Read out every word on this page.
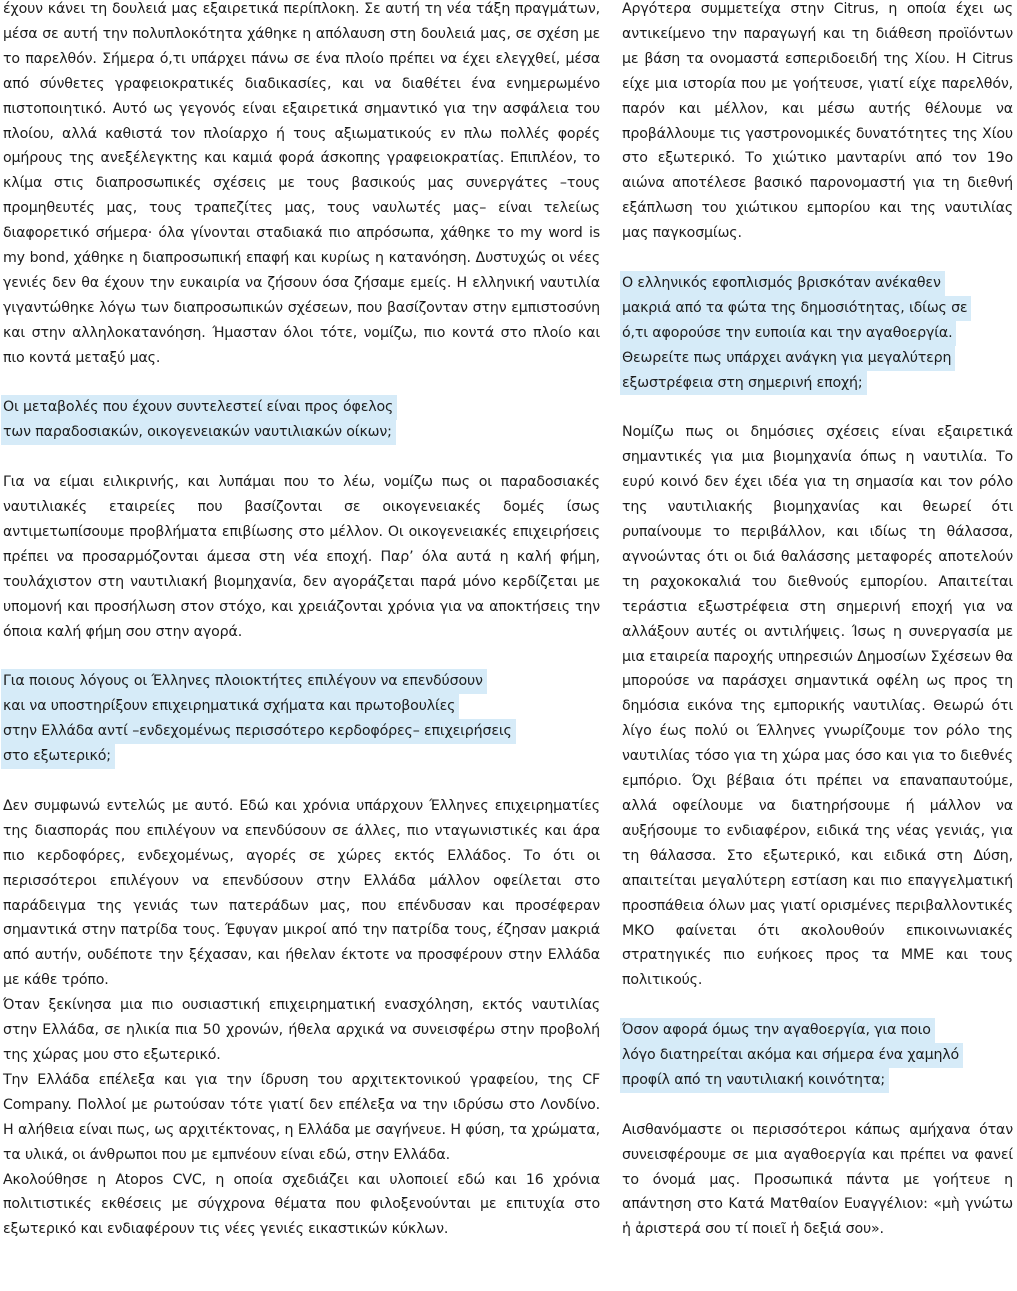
έχουν κάνει τη δουλειά μας εξαιρετικά περίπλοκη. Σε αυτή τη νέα τάξη πραγμάτων, μέσα σε αυτή την πολυπλοκότητα χάθηκε η απόλαυση στη δουλειά μας, σε σχέση με το παρελθόν. Σήμερα ό,τι υπάρχει πάνω σε ένα πλοίο πρέπει να έχει ελεγχθεί, μέσα από σύνθετες γραφειοκρατικές διαδικασίες, και να διαθέτει ένα ενημερωμένο πιστοποιητικό. Αυτό ως γεγονός είναι εξαιρετικά σημαντικό για την ασφάλεια του πλοίου, αλλά καθιστά τον πλοίαρχο ή τους αξιωματικούς εν πλω πολλές φορές ομήρους της ανεξέλεγκτης και καμιά φορά άσκοπης γραφειοκρατίας. Επιπλέον, το κλίμα στις διαπροσωπικές σχέσεις με τους βασικούς μας συνεργάτες –τους προμηθευτές μας, τους τραπεζίτες μας, τους ναυλωτές μας– είναι τελείως διαφορετικό σήμερα· όλα γίνονται σταδιακά πιο απρόσωπα, χάθηκε το my word is my bond, χάθηκε η διαπροσωπική επαφή και κυρίως η κατανόηση. Δυστυχώς οι νέες γενιές δεν θα έχουν την ευκαιρία να ζήσουν όσα ζήσαμε εμείς. Η ελληνική ναυτιλία γιγαντώθηκε λόγω των διαπροσωπικών σχέσεων, που βασίζονταν στην εμπιστοσύνη και στην αλληλοκατανόηση. Ήμασταν όλοι τότε, νομίζω, πιο κοντά στο πλοίο και πιο κοντά μεταξύ μας.

Οι μεταβολές που έχουν συντελεστεί είναι προς όφελος
των παραδοσιακών, οικογενειακών ναυτιλιακών οίκων;

Για να είμαι ειλικρινής, και λυπάμαι που το λέω, νομίζω πως οι παραδοσιακές ναυτιλιακές εταιρείες που βασίζονται σε οικογενειακές δομές ίσως αντιμετωπίσουμε προβλήματα επιβίωσης στο μέλλον. Οι οικογενειακές επιχειρήσεις πρέπει να προσαρμόζονται άμεσα στη νέα εποχή. Παρ’ όλα αυτά η καλή φήμη, τουλάχιστον στη ναυτιλιακή βιομηχανία, δεν αγοράζεται παρά μόνο κερδίζεται με υπομονή και προσήλωση στον στόχο, και χρειάζονται χρόνια για να αποκτήσεις την όποια καλή φήμη σου στην αγορά.

Για ποιους λόγους οι Έλληνες πλοιοκτήτες επιλέγουν να επενδύσουν
και να υποστηρίξουν επιχειρηματικά σχήματα και πρωτοβουλίες
στην Ελλάδα αντί –ενδεχομένως περισσότερο κερδοφόρες– επιχειρήσεις
στο εξωτερικό;

Δεν συμφωνώ εντελώς με αυτό. Εδώ και χρόνια υπάρχουν Έλληνες επιχειρηματίες της διασποράς που επιλέγουν να επενδύσουν σε άλλες, πιο νταγωνιστικές και άρα πιο κερδοφόρες, ενδεχομένως, αγορές σε χώρες εκτός Ελλάδος. Το ότι οι περισσότεροι επιλέγουν να επενδύσουν στην Ελλάδα μάλλον οφείλεται στο παράδειγμα της γενιάς των πατεράδων μας, που επένδυσαν και προσέφεραν σημαντικά στην πατρίδα τους. Έφυγαν μικροί από την πατρίδα τους, έζησαν μακριά από αυτήν, ουδέποτε την ξέχασαν, και ήθελαν έκτοτε να προσφέρουν στην Ελλάδα με κάθε τρόπο.

Όταν ξεκίνησα μια πιο ουσιαστική επιχειρηματική ενασχόληση, εκτός ναυτιλίας στην Ελλάδα, σε ηλικία πια 50 χρονών, ήθελα αρχικά να συνεισφέρω στην προβολή της χώρας μου στο εξωτερικό.

Την Ελλάδα επέλεξα και για την ίδρυση του αρχιτεκτονικού γραφείου, της CF Company. Πολλοί με ρωτούσαν τότε γιατί δεν επέλεξα να την ιδρύσω στο Λονδίνο. Η αλήθεια είναι πως, ως αρχιτέκτονας, η Ελλάδα με σαγήνευε. Η φύση, τα χρώματα, τα υλικά, οι άνθρωποι που με εμπνέουν είναι εδώ, στην Ελλάδα.

Ακολούθησε η Atopos CVC, η οποία σχεδιάζει και υλοποιεί εδώ και 16 χρόνια πολιτιστικές εκθέσεις με σύγχρονα θέματα που φιλοξενούνται με επιτυχία στο εξωτερικό και ενδιαφέρουν τις νέες γενιές εικαστικών κύκλων.

Αργότερα συμμετείχα στην Citrus, η οποία έχει ως αντικείμενο την παραγωγή και τη διάθεση προϊόντων με βάση τα ονομαστά εσπεριδοειδή της Χίου. Η Citrus είχε μια ιστορία που με γοήτευσε, γιατί είχε παρελθόν, παρόν και μέλλον, και μέσω αυτής θέλουμε να προβάλλουμε τις γαστρονομικές δυνατότητες της Χίου στο εξωτερικό. Το χιώτικο μανταρίνι από τον 19ο αιώνα αποτέλεσε βασικό παρονομαστή για τη διεθνή εξάπλωση του χιώτικου εμπορίου και της ναυτιλίας μας παγκοσμίως.

Ο ελληνικός εφοπλισμός βρισκόταν ανέκαθεν
μακριά από τα φώτα της δημοσιότητας, ιδίως σε
ό,τι αφορούσε την ευποιία και την αγαθοεργία.
Θεωρείτε πως υπάρχει ανάγκη για μεγαλύτερη
εξωστρέφεια στη σημερινή εποχή;

Νομίζω πως οι δημόσιες σχέσεις είναι εξαιρετικά σημαντικές για μια βιομηχανία όπως η ναυτιλία. Το ευρύ κοινό δεν έχει ιδέα για τη σημασία και τον ρόλο της ναυτιλιακής βιομηχανίας και θεωρεί ότι ρυπαίνουμε το περιβάλλον, και ιδίως τη θάλασσα, αγνοώντας ότι οι διά θαλάσσης μεταφορές αποτελούν τη ραχοκοκαλιά του διεθνούς εμπορίου. Απαιτείται τεράστια εξωστρέφεια στη σημερινή εποχή για να αλλάξουν αυτές οι αντιλήψεις. Ίσως η συνεργασία με μια εταιρεία παροχής υπηρεσιών Δημοσίων Σχέσεων θα μπορούσε να παράσχει σημαντικά οφέλη ως προς τη δημόσια εικόνα της εμπορικής ναυτιλίας. Θεωρώ ότι λίγο έως πολύ οι Έλληνες γνωρίζουμε τον ρόλο της ναυτιλίας τόσο για τη χώρα μας όσο και για το διεθνές εμπόριο. Όχι βέβαια ότι πρέπει να επαναπαυτούμε, αλλά οφείλουμε να διατηρήσουμε ή μάλλον να αυξήσουμε το ενδιαφέρον, ειδικά της νέας γενιάς, για τη θάλασσα. Στο εξωτερικό, και ειδικά στη Δύση, απαιτείται μεγαλύτερη εστίαση και πιο επαγγελματική προσπάθεια όλων μας γιατί ορισμένες περιβαλλοντικές ΜΚΟ φαίνεται ότι ακολουθούν επικοινωνιακές στρατηγικές πιο ευήκοες προς τα ΜΜΕ και τους πολιτικούς.

Όσον αφορά όμως την αγαθοεργία, για ποιο
λόγο διατηρείται ακόμα και σήμερα ένα χαμηλό
προφίλ από τη ναυτιλιακή κοινότητα;

Αισθανόμαστε οι περισσότεροι κάπως αμήχανα όταν συνεισφέρουμε σε μια αγαθοεργία και πρέπει να φανεί το όνομά μας. Προσωπικά πάντα με γοήτευε η απάντηση στο Κατά Ματθαίον Ευαγγέλιον: «μὴ γνώτω ἡ ἀριστερά σου τί ποιεῖ ἡ δεξιά σου».
